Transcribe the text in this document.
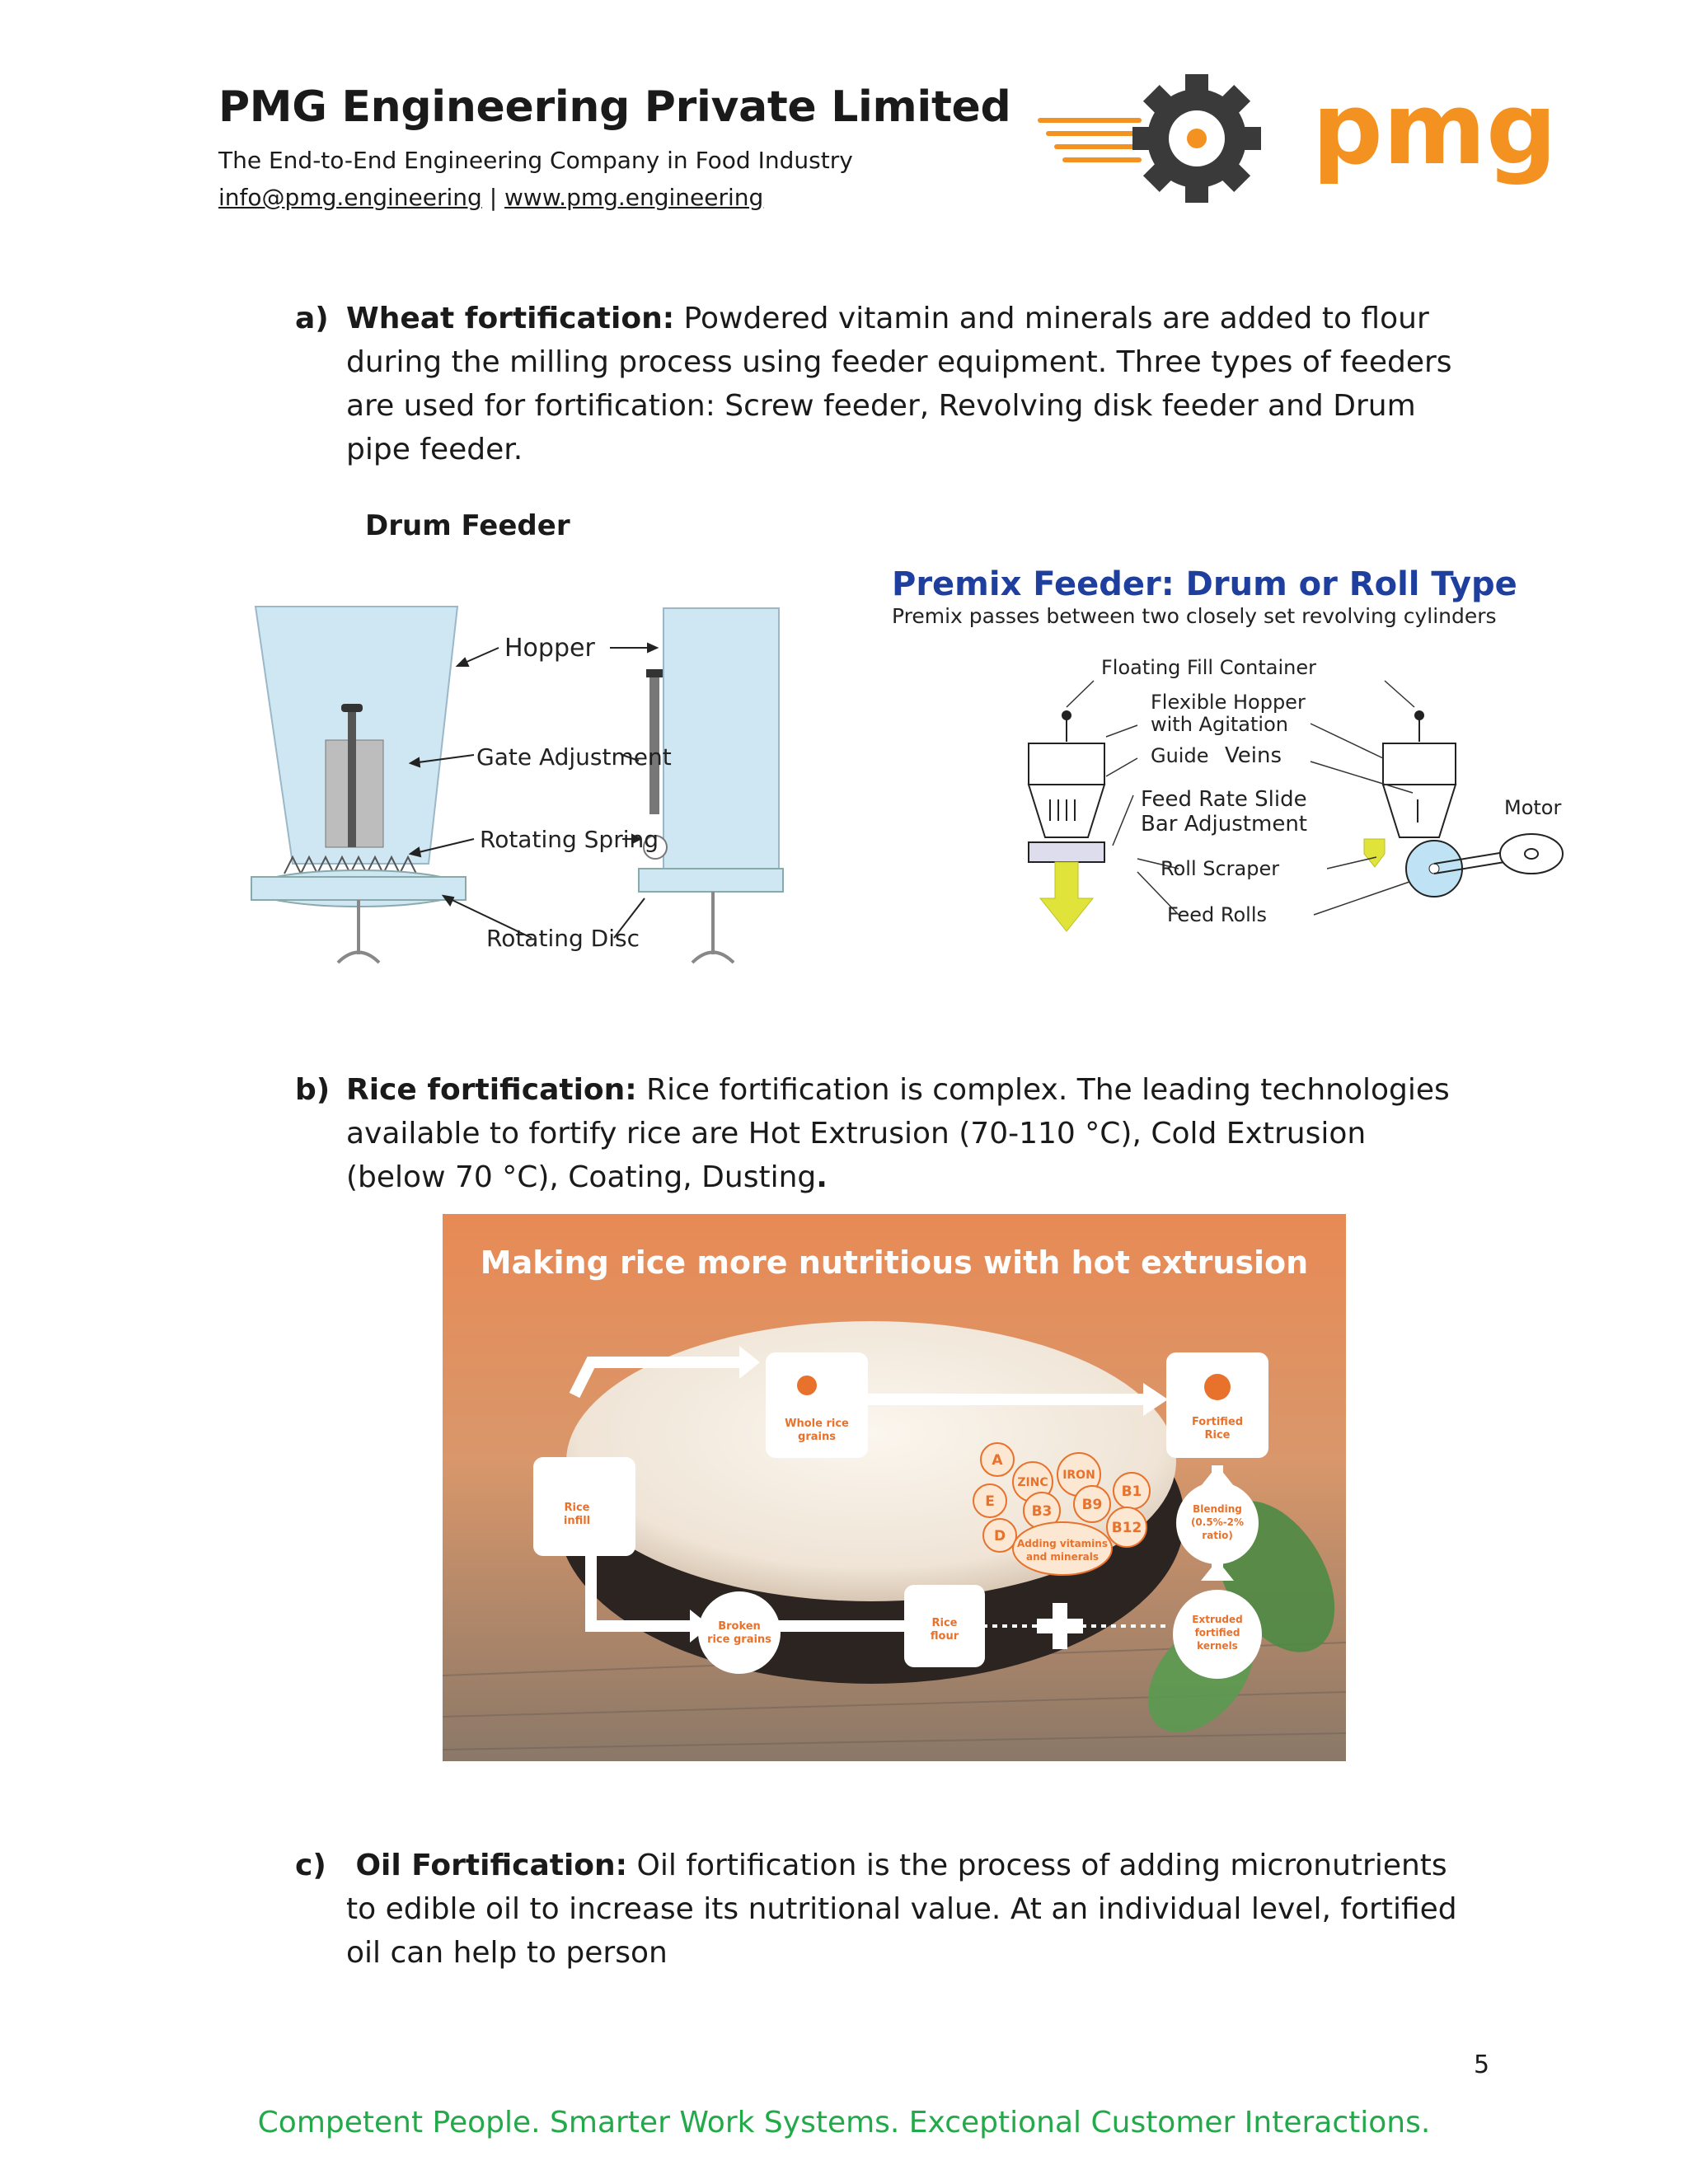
PMG Engineering Private Limited
The End-to-End Engineering Company in Food Industry
info@pmg.engineering | www.pmg.engineering
pmg
a) Wheat fortification: Powdered vitamin and minerals are added to flour during the milling process using feeder equipment. Three types of feeders are used for fortification: Screw feeder, Revolving disk feeder and Drum pipe feeder.
Drum Feeder
Hopper
Gate Adjustment
Rotating Spring
Rotating Disc
Premix Feeder: Drum or Roll Type
Premix passes between two closely set revolving cylinders
Floating Fill Container
Flexible Hopper
with Agitation
Guide Veins
Feed Rate Slide
Bar Adjustment
Roll Scraper
Feed Rolls
Motor
b) Rice fortification: Rice fortification is complex. The leading technologies available to fortify rice are Hot Extrusion (70-110 °C), Cold Extrusion (below 70 °C), Coating, Dusting.
Making rice more nutritious with hot extrusion
Whole rice
grains
Fortified
Rice
Rice
infill
Broken
rice grains
Rice
flour
Extruded
fortified
kernels
Blending
(0.5%-2%
ratio)
A
ZINC
IRON
E
B3 B9
B1
D	B12
Adding vitamins
and minerals
c) Oil Fortification: Oil fortification is the process of adding micronutrients to edible oil to increase its nutritional value. At an individual level, fortified oil can help to person
5
Competent People. Smarter Work Systems. Exceptional Customer Interactions.
